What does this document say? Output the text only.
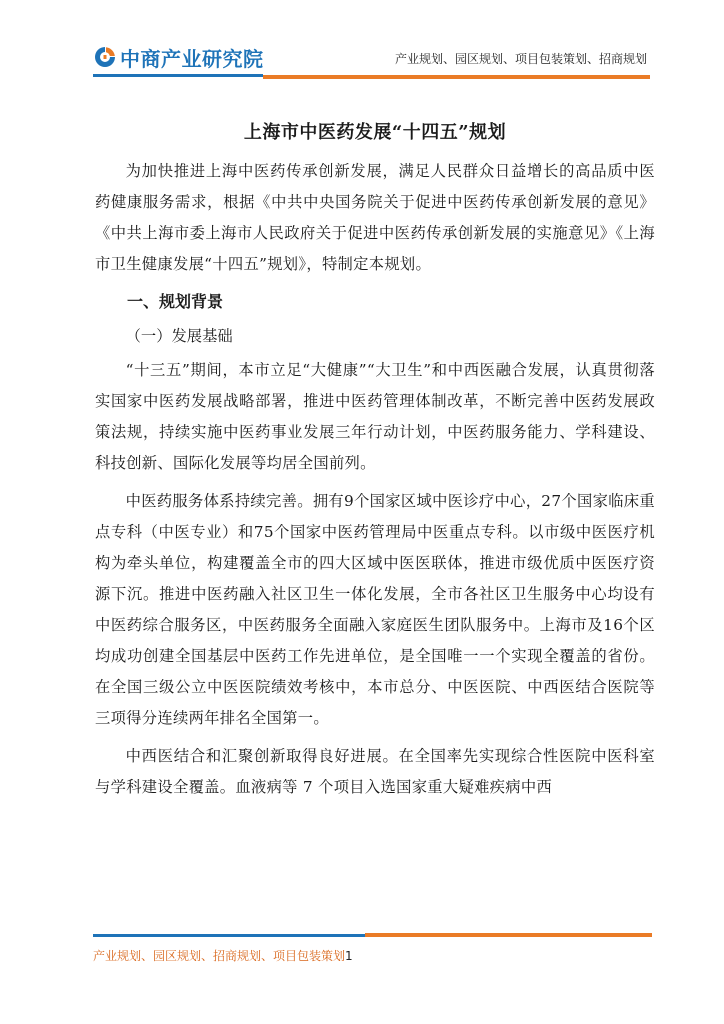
中商产业研究院	产业规划、园区规划、项目包装策划、招商规划
上海市中医药发展“十四五”规划

为加快推进上海中医药传承创新发展，满足人民群众日益增长的高品质中医药健康服务需求，根据《中共中央国务院关于促进中医药传承创新发展的意见》《中共上海市委上海市人民政府关于促进中医药传承创新发展的实施意见》《上海市卫生健康发展“十四五”规划》，特制定本规划。

一、规划背景
（一）发展基础

“十三五”期间，本市立足“大健康”“大卫生”和中西医融合发展，认真贯彻落实国家中医药发展战略部署，推进中医药管理体制改革，不断完善中医药发展政策法规，持续实施中医药事业发展三年行动计划，中医药服务能力、学科建设、科技创新、国际化发展等均居全国前列。

中医药服务体系持续完善。拥有9个国家区域中医诊疗中心，27个国家临床重点专科（中医专业）和75个国家中医药管理局中医重点专科。以市级中医医疗机构为牵头单位，构建覆盖全市的四大区域中医医联体，推进市级优质中医医疗资源下沉。推进中医药融入社区卫生一体化发展，全市各社区卫生服务中心均设有中医药综合服务区，中医药服务全面融入家庭医生团队服务中。上海市及16个区均成功创建全国基层中医药工作先进单位，是全国唯一一个实现全覆盖的省份。在全国三级公立中医医院绩效考核中，本市总分、中医医院、中西医结合医院等三项得分连续两年排名全国第一。

中西医结合和汇聚创新取得良好进展。在全国率先实现综合性医院中医科室与学科建设全覆盖。血液病等 7 个项目入选国家重大疑难疾病中西

产业规划、园区规划、招商规划、项目包装策划1
